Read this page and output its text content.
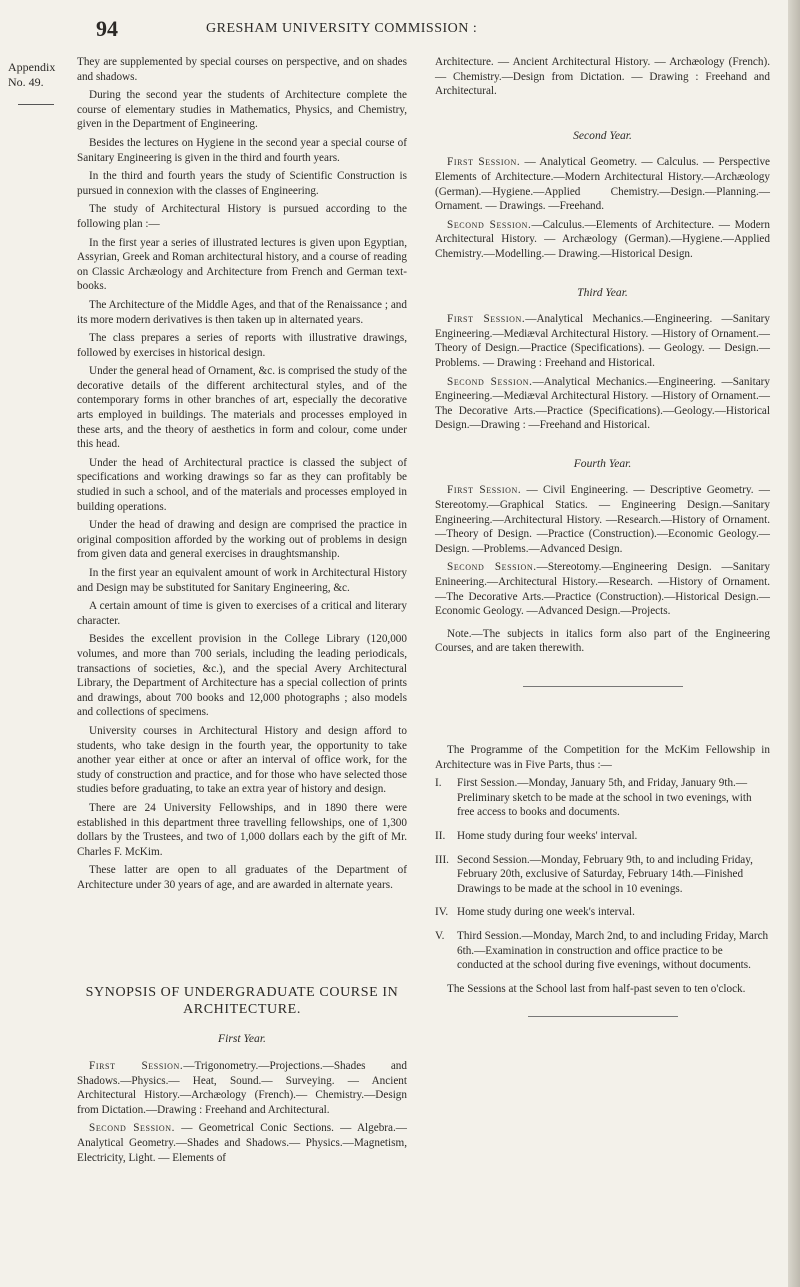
94	GRESHAM UNIVERSITY COMMISSION :
Appendix
No. 49.

They are supplemented by special courses on perspective, and on shades and shadows.

During the second year the students of Architecture complete the course of elementary studies in Mathematics, Physics, and Chemistry, given in the Department of Engineering.

Besides the lectures on Hygiene in the second year a special course of Sanitary Engineering is given in the third and fourth years.

In the third and fourth years the study of Scientific Construction is pursued in connexion with the classes of Engineering.

The study of Architectural History is pursued according to the following plan :—

In the first year a series of illustrated lectures is given upon Egyptian, Assyrian, Greek and Roman architectural history, and a course of reading on Classic Archæology and Architecture from French and German text-books.

The Architecture of the Middle Ages, and that of the Renaissance ; and its more modern derivatives is then taken up in alternated years.

The class prepares a series of reports with illustrative drawings, followed by exercises in historical design.

Under the general head of Ornament, &c. is comprised the study of the decorative details of the different architectural styles, and of the contemporary forms in other branches of art, especially the decorative arts employed in buildings. The materials and processes employed in these arts, and the theory of aesthetics in form and colour, come under this head.

Under the head of Architectural practice is classed the subject of specifications and working drawings so far as they can profitably be studied in such a school, and of the materials and processes employed in building operations.

Under the head of drawing and design are comprised the practice in original composition afforded by the working out of problems in design from given data and general exercises in draughtsmanship.

In the first year an equivalent amount of work in Architectural History and Design may be substituted for Sanitary Engineering, &c.

A certain amount of time is given to exercises of a critical and literary character.

Besides the excellent provision in the College Library (120,000 volumes, and more than 700 serials, including the leading periodicals, transactions of societies, &c.), and the special Avery Architectural Library, the Department of Architecture has a special collection of prints and drawings, about 700 books and 12,000 photographs ; also models and collections of specimens.

University courses in Architectural History and design afford to students, who take design in the fourth year, the opportunity to take another year either at once or after an interval of office work, for the study of construction and practice, and for those who have selected those studies before graduating, to take an extra year of history and design.

There are 24 University Fellowships, and in 1890 there were established in this department three travelling fellowships, one of 1,300 dollars by the Trustees, and two of 1,000 dollars each by the gift of Mr. Charles F. McKim.

These latter are open to all graduates of the Department of Architecture under 30 years of age, and are awarded in alternate years.

SYNOPSIS OF UNDERGRADUATE COURSE IN ARCHITECTURE.
First Year.

First Session.—Trigonometry.—Projections.—Shades and Shadows.—Physics.— Heat, Sound.— Surveying. — Ancient Architectural History.—Archæology (French).— Chemistry.—Design from Dictation.—Drawing : Freehand and Architectural.

Second Session. — Geometrical Conic Sections. — Algebra.—Analytical Geometry.—Shades and Shadows.— Physics.—Magnetism, Electricity, Light. — Elements of

Architecture. — Ancient Architectural History. — Archæology (French). — Chemistry.—Design from Dictation. — Drawing : Freehand and Architectural.

Second Year.

First Session. — Analytical Geometry. — Calculus. — Perspective Elements of Architecture.—Modern Architectural History.—Archæology (German).—Hygiene.—Applied Chemistry.—Design.—Planning.—Ornament. — Drawings. —Freehand.

Second Session.—Calculus.—Elements of Architecture. — Modern Architectural History. — Archæology (German).—Hygiene.—Applied Chemistry.—Modelling.— Drawing.—Historical Design.

Third Year.

First Session.—Analytical Mechanics.—Engineering. —Sanitary Engineering.—Mediæval Architectural History. —History of Ornament.—Theory of Design.—Practice (Specifications). — Geology. — Design.—Problems. — Drawing : Freehand and Historical.

Second Session.—Analytical Mechanics.—Engineering. —Sanitary Engineering.—Mediæval Architectural History. —History of Ornament.—The Decorative Arts.—Practice (Specifications).—Geology.—Historical Design.—Drawing : —Freehand and Historical.

Fourth Year.

First Session. — Civil Engineering. — Descriptive Geometry. — Stereotomy.—Graphical Statics. — Engineering Design.—Sanitary Engineering.—Architectural History. —Research.—History of Ornament.—Theory of Design. —Practice (Construction).—Economic Geology.—Design. —Problems.—Advanced Design.

Second Session.—Stereotomy.—Engineering Design. —Sanitary Enineering.—Architectural History.—Research. —History of Ornament.—The Decorative Arts.—Practice (Construction).—Historical Design.—Economic Geology. —Advanced Design.—Projects.

Note.—The subjects in italics form also part of the Engineering Courses, and are taken therewith.

The Programme of the Competition for the McKim Fellowship in Architecture was in Five Parts, thus :—

I.	First Session.—Monday, January 5th, and Friday, January 9th.—Preliminary sketch to be made at the school in two evenings, with free access to books and documents.
II.	Home study during four weeks' interval.
III. Second Session.—Monday, February 9th, to and including Friday, February 20th, exclusive of Saturday, February 14th.—Finished Drawings to be made at the school in 10 evenings.
IV. Home study during one week's interval.
V.	Third Session.—Monday, March 2nd, to and including Friday, March 6th.—Examination in construction and office practice to be conducted at the school during five evenings, without documents.

The Sessions at the School last from half-past seven to ten o'clock.
